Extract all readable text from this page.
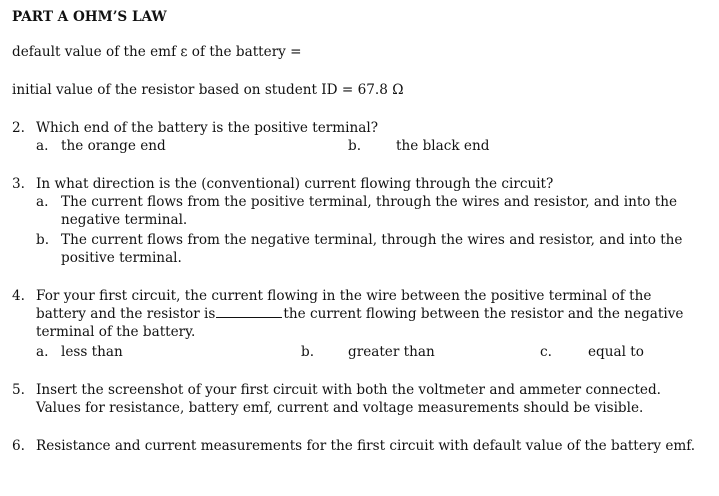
PART A OHM’S LAW
default value of the emf ε of the battery =
initial value of the resistor based on student ID = 67.8 Ω
2. Which end of the battery is the positive terminal?
a. the orange end	b.	the black end
3. In what direction is the (conventional) current flowing through the circuit?
a. The current flows from the positive terminal, through the wires and resistor, and into the
negative terminal.
b. The current flows from the negative terminal, through the wires and resistor, and into the
positive terminal.
4. For your first circuit, the current flowing in the wire between the positive terminal of the
battery and the resistor is	the current flowing between the resistor and the negative
terminal of the battery.
a. less than	b. greater than	c.	equal to
5. Insert the screenshot of your first circuit with both the voltmeter and ammeter connected.
Values for resistance, battery emf, current and voltage measurements should be visible.
6. Resistance and current measurements for the first circuit with default value of the battery emf.
